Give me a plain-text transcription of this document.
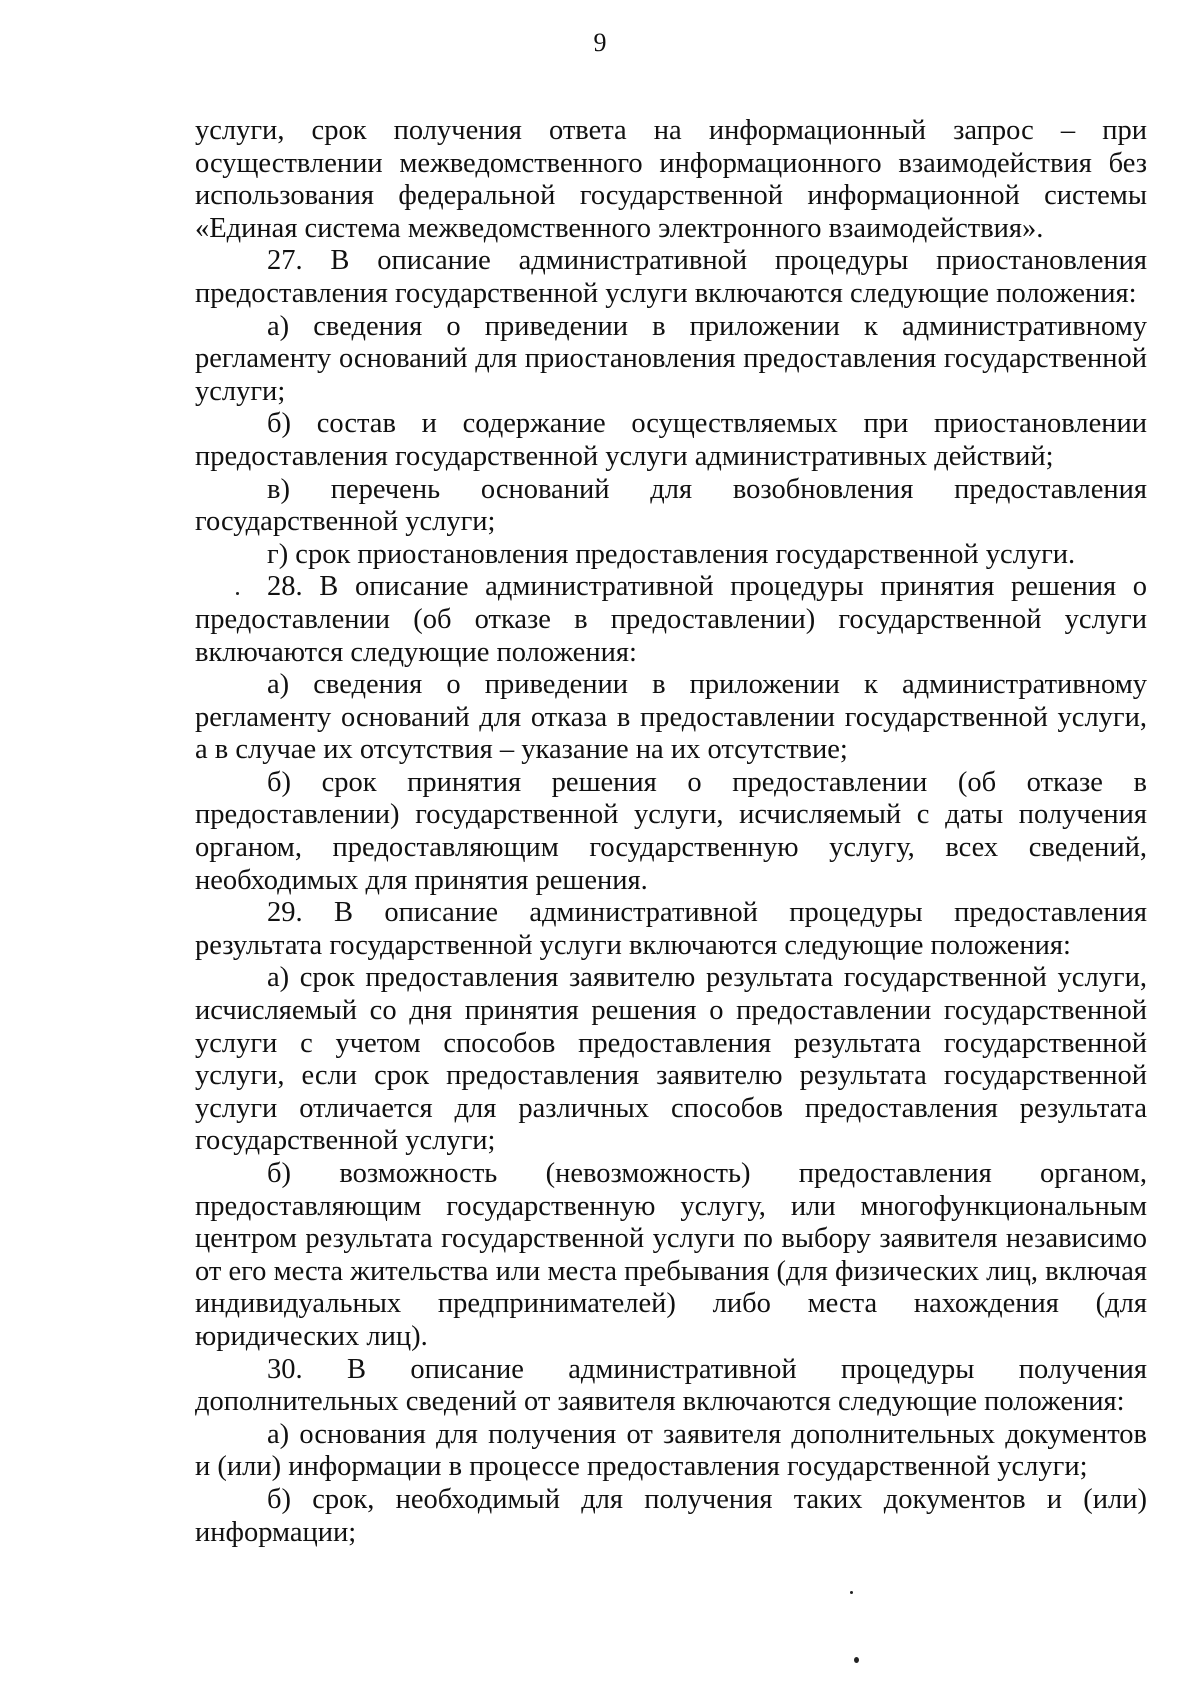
9

услуги, срок получения ответа на информационный запрос – при осуществлении межведомственного информационного взаимодействия без использования федеральной государственной информационной системы «Единая система межведомственного электронного взаимодействия».

27. В описание административной процедуры приостановления предоставления государственной услуги включаются следующие положения:

а) сведения о приведении в приложении к административному регламенту оснований для приостановления предоставления государственной услуги;

б) состав и содержание осуществляемых при приостановлении предоставления государственной услуги административных действий;

в) перечень оснований для возобновления предоставления государственной услуги;

г) срок приостановления предоставления государственной услуги.

28. В описание административной процедуры принятия решения о предоставлении (об отказе в предоставлении) государственной услуги включаются следующие положения:

а) сведения о приведении в приложении к административному регламенту оснований для отказа в предоставлении государственной услуги, а в случае их отсутствия – указание на их отсутствие;

б) срок принятия решения о предоставлении (об отказе в предоставлении) государственной услуги, исчисляемый с даты получения органом, предоставляющим государственную услугу, всех сведений, необходимых для принятия решения.

29. В описание административной процедуры предоставления результата государственной услуги включаются следующие положения:

а) срок предоставления заявителю результата государственной услуги, исчисляемый со дня принятия решения о предоставлении государственной услуги с учетом способов предоставления результата государственной услуги, если срок предоставления заявителю результата государственной услуги отличается для различных способов предоставления результата государственной услуги;

б) возможность (невозможность) предоставления органом, предоставляющим государственную услугу, или многофункциональным центром результата государственной услуги по выбору заявителя независимо от его места жительства или места пребывания (для физических лиц, включая индивидуальных предпринимателей) либо места нахождения (для юридических лиц).

30. В описание административной процедуры получения дополнительных сведений от заявителя включаются следующие положения:

а) основания для получения от заявителя дополнительных документов и (или) информации в процессе предоставления государственной услуги;

б) срок, необходимый для получения таких документов и (или) информации;
